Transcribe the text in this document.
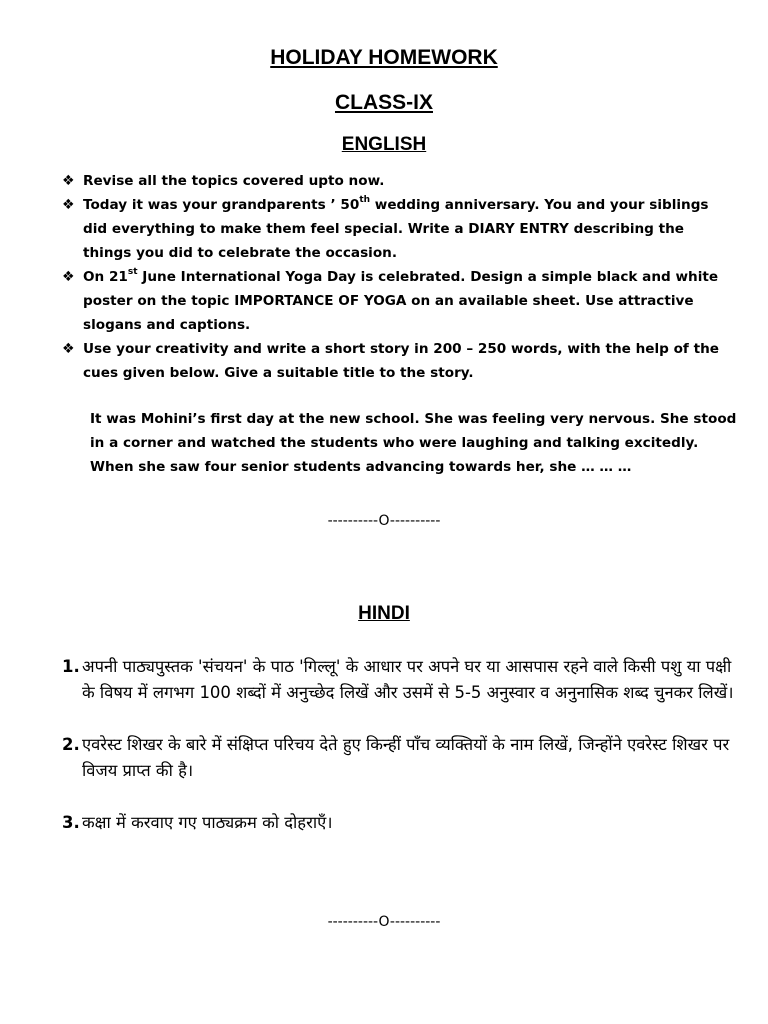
HOLIDAY HOMEWORK
CLASS-IX
ENGLISH
❖ Revise all the topics covered upto now.
❖ Today it was your grandparents ’ 50th wedding anniversary. You and your siblings did everything to make them feel special. Write a DIARY ENTRY describing the things you did to celebrate the occasion.
❖ On 21st June International Yoga Day is celebrated. Design a simple black and white poster on the topic IMPORTANCE OF YOGA on an available sheet. Use attractive slogans and captions.
❖ Use your creativity and write a short story in 200 – 250 words, with the help of the cues given below. Give a suitable title to the story.

It was Mohini’s first day at the new school. She was feeling very nervous. She stood in a corner and watched the students who were laughing and talking excitedly. When she saw four senior students advancing towards her, she … … …

----------O----------
HINDI
1. अपनी पाठ्यपुस्तक 'संचयन' के पाठ 'गिल्लू' के आधार पर अपने घर या आसपास रहने वाले किसी पशु या पक्षी के विषय में लगभग 100 शब्दों में अनुच्छेद लिखें और उसमें से 5-5 अनुस्वार व अनुनासिक शब्द चुनकर लिखें।
2. एवरेस्ट शिखर के बारे में संक्षिप्त परिचय देते हुए किन्हीं पाँच व्यक्तियों के नाम लिखें, जिन्होंने एवरेस्ट शिखर पर विजय प्राप्त की है।
3. कक्षा में करवाए गए पाठ्यक्रम को दोहराएँ।
----------O----------
